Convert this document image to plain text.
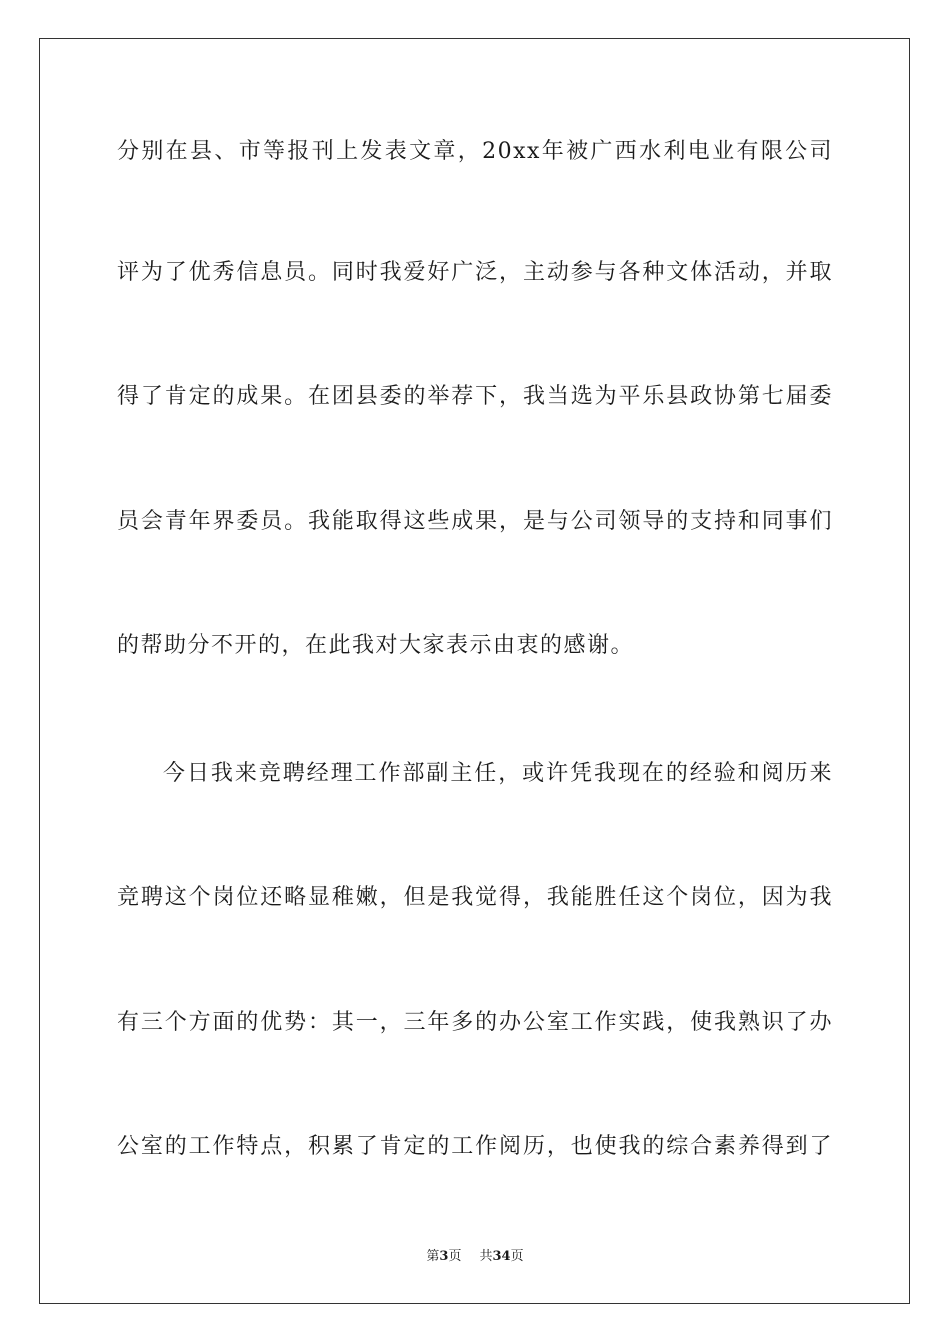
分别在县、市等报刊上发表文章，20xx年被广西水利电业有限公司
评为了优秀信息员。同时我爱好广泛，主动参与各种文体活动，并取
得了肯定的成果。在团县委的举荐下，我当选为平乐县政协第七届委
员会青年界委员。我能取得这些成果，是与公司领导的支持和同事们
的帮助分不开的，在此我对大家表示由衷的感谢。
今日我来竞聘经理工作部副主任，或许凭我现在的经验和阅历来
竞聘这个岗位还略显稚嫩，但是我觉得，我能胜任这个岗位，因为我
有三个方面的优势：其一，三年多的办公室工作实践，使我熟识了办
公室的工作特点，积累了肯定的工作阅历，也使我的综合素养得到了
第3页 共34页
